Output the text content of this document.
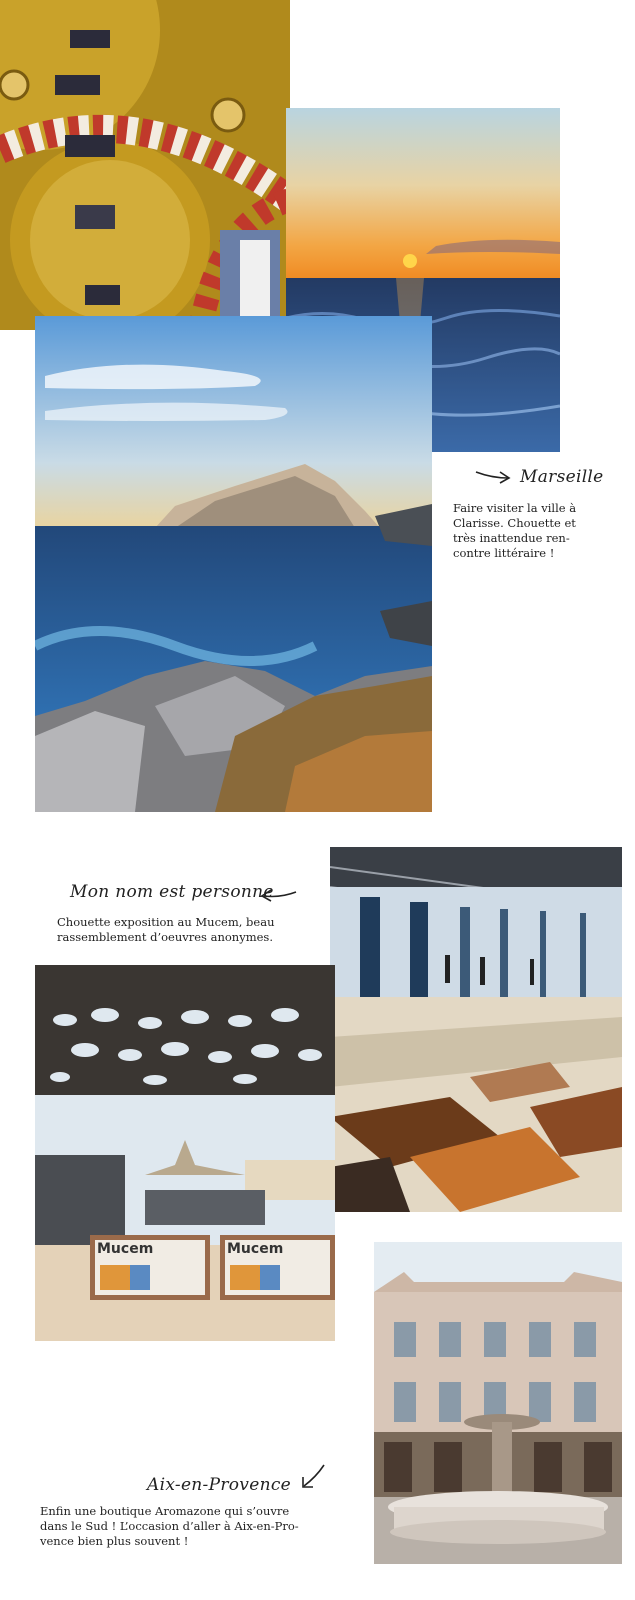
Marseille
Faire visiter la ville à
Clarisse. Chouette et
très inattendue ren-
contre littéraire !
Mon nom est personne
Chouette exposition au Mucem, beau
rassemblement d’oeuvres anonymes.
Mucem	Mucem
Aix-en-Provence
Enfin une boutique Aromazone qui s’ouvre
dans le Sud ! L’occasion d’aller à Aix-en-Pro-
vence bien plus souvent !
